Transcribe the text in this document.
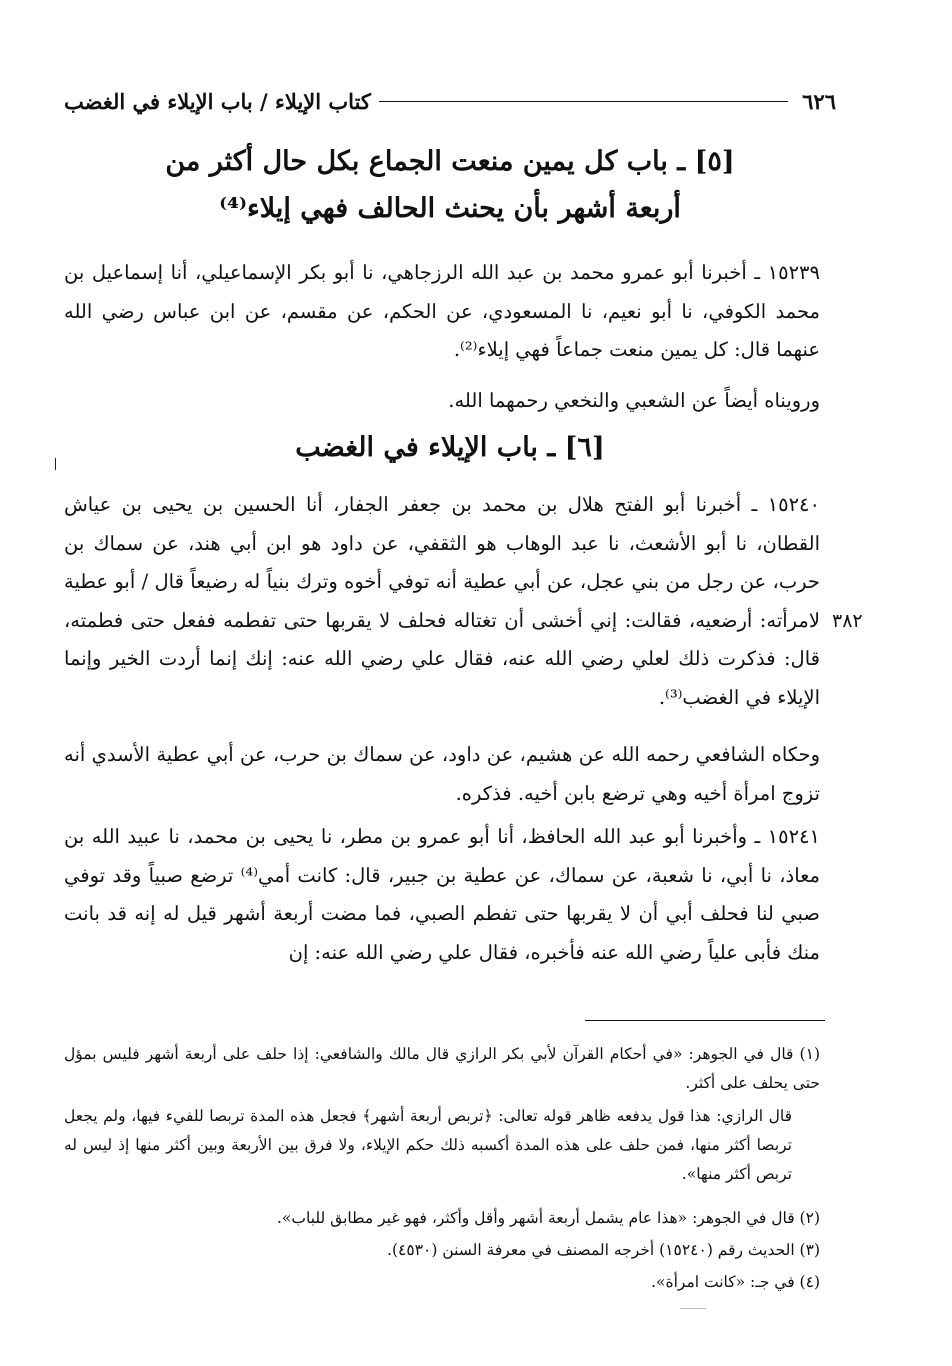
٦٢٦
كتاب الإيلاء / باب الإيلاء في الغضب
[٥] ـ باب كل يمين منعت الجماع بكل حال أكثر من
أربعة أشهر بأن يحنث الحالف فهي إيلاء⁽⁴⁾
١٥٢٣٩ ـ أخبرنا أبو عمرو محمد بن عبد الله الرزجاهي، نا أبو بكر الإسماعيلي، أنا إسماعيل بن محمد الكوفي، نا أبو نعيم، نا المسعودي، عن الحكم، عن مقسم، عن ابن عباس رضي الله عنهما قال: كل يمين منعت جماعاً فهي إيلاء⁽²⁾.
ورويناه أيضاً عن الشعبي والنخعي رحمهما الله.
[٦] ـ باب الإيلاء في الغضب
١٥٢٤٠ ـ أخبرنا أبو الفتح هلال بن محمد بن جعفر الجفار، أنا الحسين بن يحيى بن عياش القطان، نا أبو الأشعث، نا عبد الوهاب هو الثقفي، عن داود هو ابن أبي هند، عن سماك بن حرب، عن رجل من بني عجل، عن أبي عطية أنه توفي أخوه وترك بنياً له رضيعاً قال / أبو عطية لامرأته: أرضعيه، فقالت: إني أخشى أن تغتاله فحلف لا يقربها حتى تفطمه ففعل حتى فطمته، قال: فذكرت ذلك لعلي رضي الله عنه، فقال علي رضي الله عنه: إنك إنما أردت الخير وإنما الإيلاء في الغضب⁽³⁾.
٣٨٢
وحكاه الشافعي رحمه الله عن هشيم، عن داود، عن سماك بن حرب، عن أبي عطية الأسدي أنه تزوج امرأة أخيه وهي ترضع بابن أخيه. فذكره.
١٥٢٤١ ـ وأخبرنا أبو عبد الله الحافظ، أنا أبو عمرو بن مطر، نا يحيى بن محمد، نا عبيد الله بن معاذ، نا أبي، نا شعبة، عن سماك، عن عطية بن جبير، قال: كانت أمي⁽⁴⁾ ترضع صبياً وقد توفي صبي لنا فحلف أبي أن لا يقربها حتى تفطم الصبي، فما مضت أربعة أشهر قيل له إنه قد بانت منك فأبى علياً رضي الله عنه فأخبره، فقال علي رضي الله عنه: إن
(١) قال في الجوهر: «في أحكام القرآن لأبي بكر الرازي قال مالك والشافعي: إذا حلف على أربعة أشهر فليس بمؤل حتى يحلف على أكثر.
قال الرازي: هذا قول يدفعه ظاهر قوله تعالى: ﴿تربص أربعة أشهر﴾ فجعل هذه المدة تربصا للفيء فيها، ولم يجعل تربصا أكثر منها، فمن حلف على هذه المدة أكسبه ذلك حكم الإيلاء، ولا فرق بين الأربعة وبين أكثر منها إذ ليس له تربص أكثر منها».
(٢) قال في الجوهر: «هذا عام يشمل أربعة أشهر وأقل وأكثر، فهو غير مطابق للباب».
(٣) الحديث رقم (١٥٢٤٠) أخرجه المصنف في معرفة السنن (٤٥٣٠).
(٤) في جـ: «كانت امرأة».
